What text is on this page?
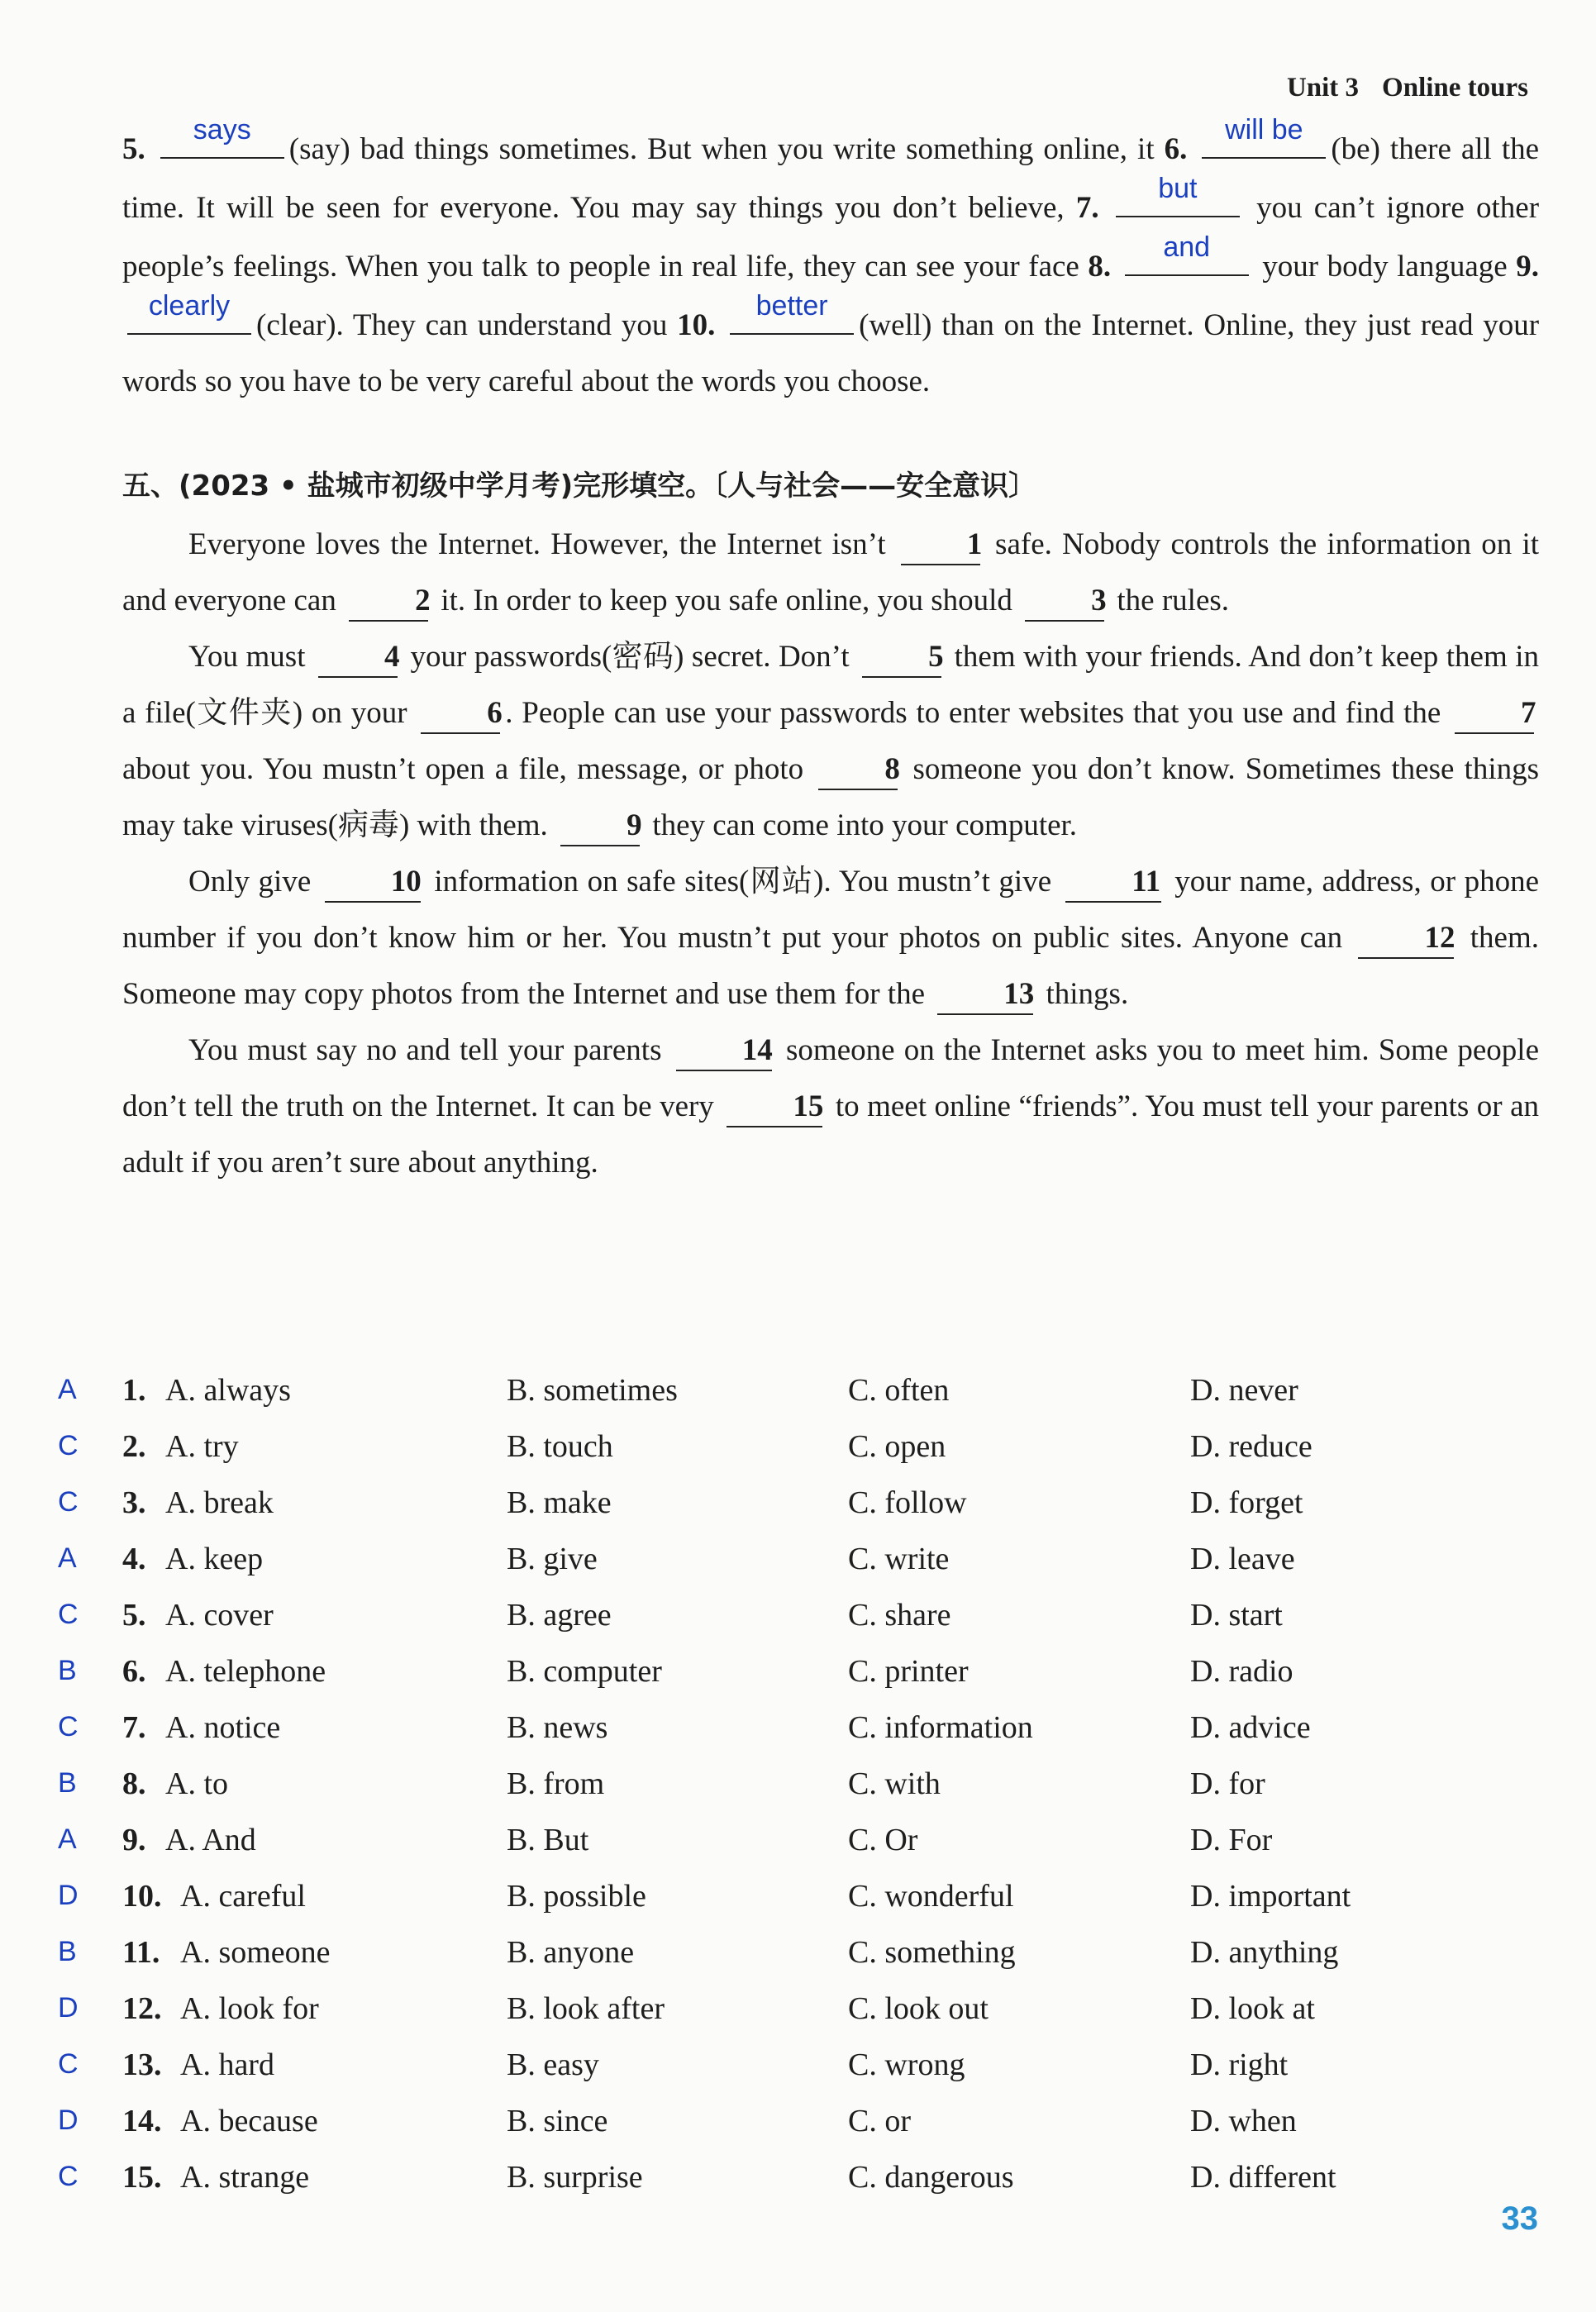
Unit 3 Online tours
5.
says
(say) bad things sometimes. But when you write something online, it 6.
will be
(be) there all the time. It will be seen for everyone. You may say things you don’t believe, 7.
but
you can’t ignore other people’s feelings. When you talk to people in real life, they can see your face 8.
and
your body language 9.
clearly
(clear). They can understand you 10.
better
(well) than on the Internet. Online, they just read your words so you have to be very careful about the words you choose.
五、(2023 • 盐城市初级中学月考)完形填空。〔人与社会——安全意识〕
Everyone loves the Internet. However, the Internet isn’t	1 safe. Nobody controls the information on it and everyone can	2 it. In order to keep you safe online, you should	3 the rules.
You must	4 your passwords(密码) secret. Don’t	5 them with your friends. And don’t keep them in a file(文件夹) on your	6. People can use your passwords to enter websites that you use and find the	7 about you. You mustn’t open a file, message, or photo	8 someone you don’t know. Sometimes these things may take viruses(病毒) with them.	9 they can come into your computer.
Only give	10 information on safe sites(网站). You mustn’t give	11 your name, address, or phone number if you don’t know him or her. You mustn’t put your photos on public sites. Anyone can	12 them. Someone may copy photos from the Internet and use them for the	13 things.
You must say no and tell your parents	14 someone on the Internet asks you to meet him. Some people don’t tell the truth on the Internet. It can be very	15 to meet online “friends”. You must tell your parents or an adult if you aren’t sure about anything.
A 1. A. always	B. sometimes	C. often	D. never
C 2. A. try	B. touch	C. open	D. reduce
C 3. A. break	B. make	C. follow	D. forget
A 4. A. keep	B. give	C. write	D. leave
C 5. A. cover	B. agree	C. share	D. start
B 6. A. telephone	B. computer	C. printer	D. radio
C 7. A. notice	B. news	C. information	D. advice
B 8. A. to	B. from	C. with	D. for
A 9. A. And	B. But	C. Or	D. For
D 10. A. careful	B. possible	C. wonderful	D. important
B 11. A. someone	B. anyone	C. something	D. anything
D 12. A. look for	B. look after	C. look out	D. look at
C 13. A. hard	B. easy	C. wrong	D. right
D 14. A. because	B. since	C. or	D. when
C 15. A. strange	B. surprise	C. dangerous	D. different
33
